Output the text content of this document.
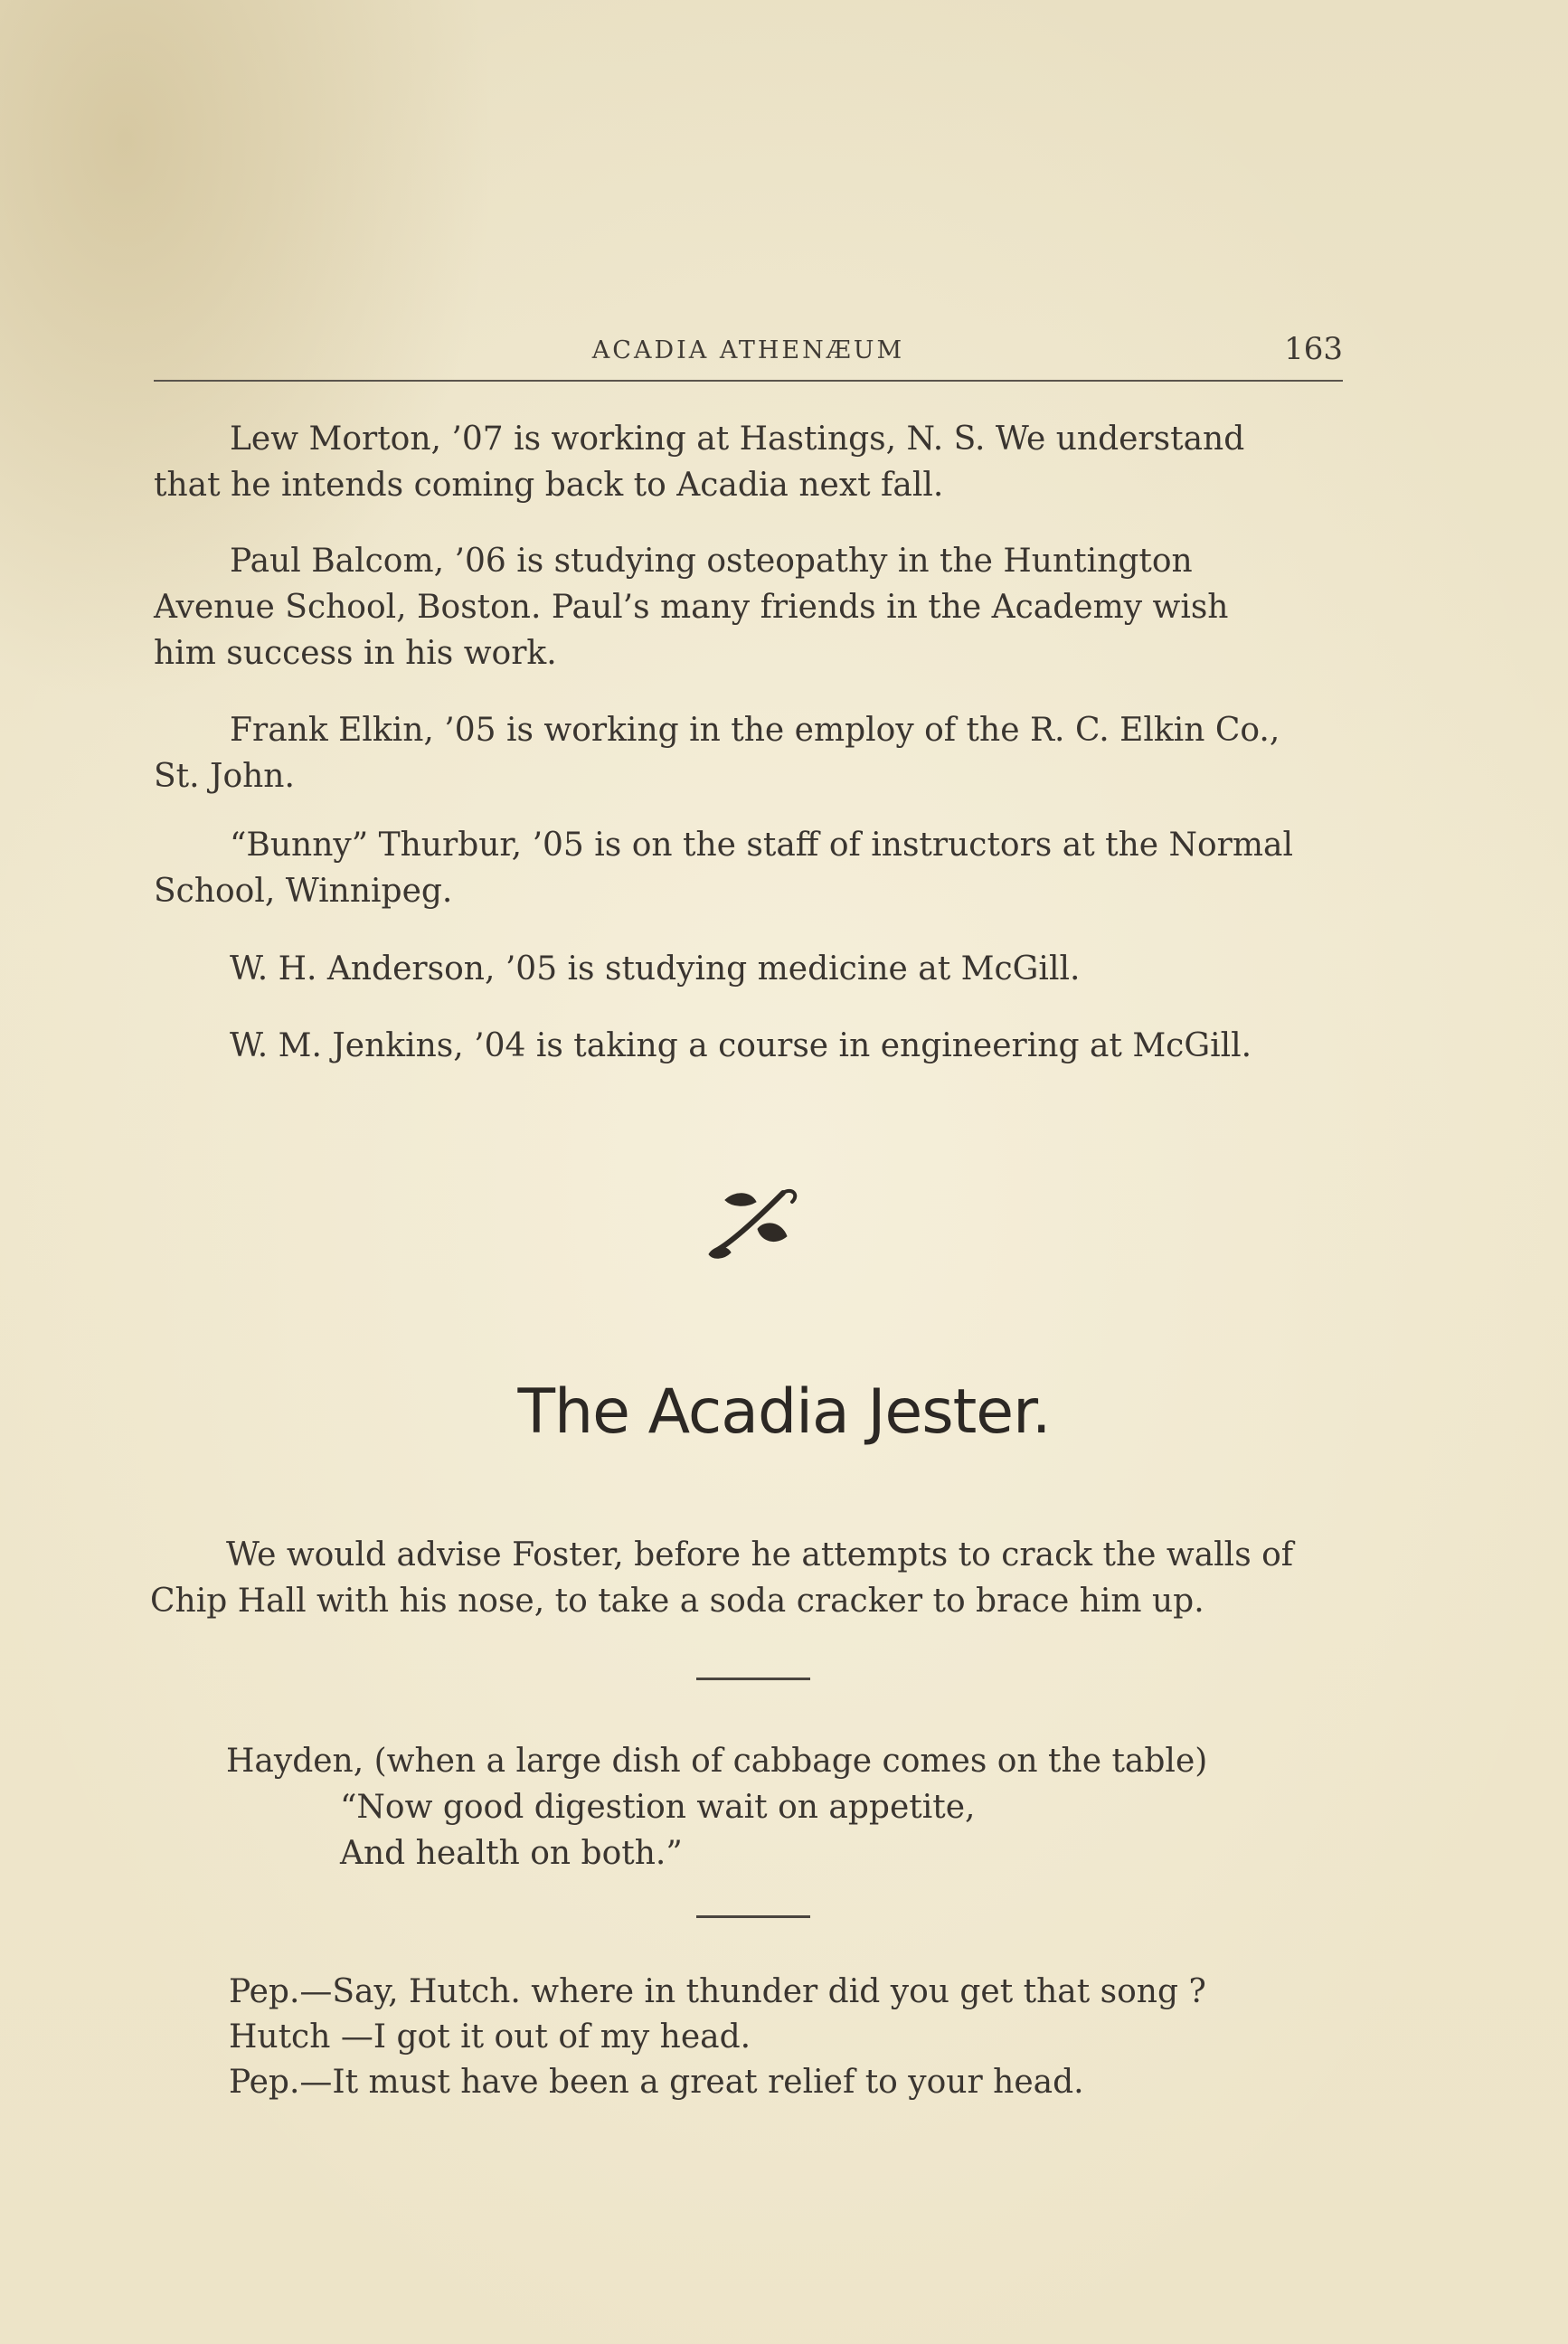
ACADIA ATHENÆUM	163
Lew Morton, ’07 is working at Hastings, N. S. We understand
that he intends coming back to Acadia next fall.
Paul Balcom, ’06 is studying osteopathy in the Huntington
Avenue School, Boston. Paul’s many friends in the Academy wish
him success in his work.
Frank Elkin, ’05 is working in the employ of the R. C. Elkin Co.,
St. John.
“Bunny” Thurbur, ’05 is on the staff of instructors at the Normal
School, Winnipeg.
W. H. Anderson, ’05 is studying medicine at McGill.
W. M. Jenkins, ’04 is taking a course in engineering at McGill.
The Acadia Jester.
We would advise Foster, before he attempts to crack the walls of
Chip Hall with his nose, to take a soda cracker to brace him up.
Hayden, (when a large dish of cabbage comes on the table)
“Now good digestion wait on appetite,
And health on both.”
Pep.—Say, Hutch. where in thunder did you get that song ?
Hutch —I got it out of my head.
Pep.—It must have been a great relief to your head.
